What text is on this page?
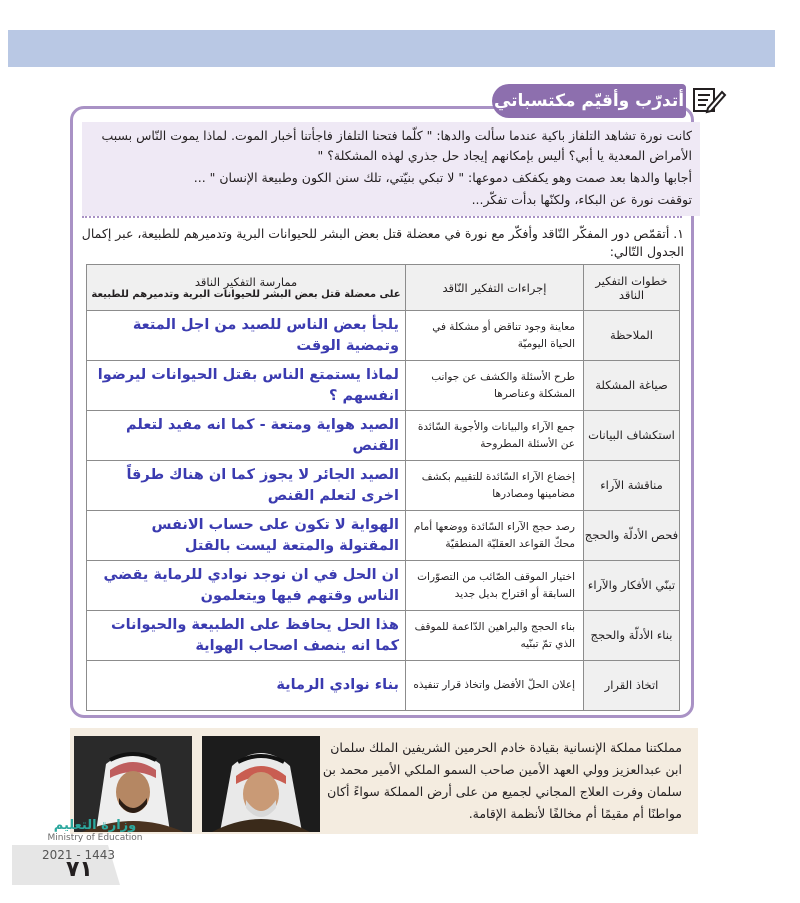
أتدرّب وأقيّم مكتسباتي

كانت نورة تشاهد التلفاز باكية عندما سألت والدها: " كلّما فتحنا التلفاز فاجأتنا أخبار الموت. لماذا يموت النّاس بسبب

الأمراض المعدية يا أبي؟ أليس بإمكانهم إيجاد حل جذري لهذه المشكلة؟ "

أجابها والدها بعد صمت وهو يكفكف دموعها: " لا تبكي بنيّتي، تلك سنن الكون وطبيعة الإنسان " ...

توقفت نورة عن البكاء، ولكنّها بدأت تفكّر...

١. أتقمّص دور المفكّر النّاقد وأفكّر مع نورة في معضلة قتل بعض البشر للحيوانات البرية وتدميرهم للطبيعة، عبر إكمال

الجدول التّالي:

خطوات التفكير الناقد	إجراءات التفكير النّاقد	ممارسة التفكير الناقد
على معضلة قتل بعض البشر للحيوانات البرية وتدميرهم للطبيعة

الملاحظة	معاينة وجود تناقض أو مشكلة في الحياة اليوميّة	يلجأ بعض الناس للصيد من اجل المتعة وتمضية الوقت
صياغة المشكلة	طرح الأسئلة والكشف عن جوانب المشكلة وعناصرها	لماذا يستمتع الناس بقتل الحيوانات ليرضوا انفسهم ؟
استكشاف البيانات	جمع الآراء والبيانات والأجوبة السّائدة عن الأسئلة المطروحة	الصيد هواية ومتعة - كما انه مفيد لتعلم القنص
مناقشة الآراء	إخضاع الآراء السّائدة للتقييم بكشف مضامينها ومصادرها	الصيد الجائر لا يجوز كما ان هناك طرقاً اخرى لتعلم القنص
فحص الأدلّة والحجج	رصد حجج الآراء السّائدة ووضعها أمام محكّ القواعد العقليّة المنطقيّة	الهواية لا تكون على حساب الانفس المقتولة والمتعة ليست بالقتل
تبنّي الأفكار والآراء	اختيار الموقف الصّائب من التصوّرات السابقة أو اقتراح بديل جديد	ان الحل في ان نوجد نوادي للرماية يقضي الناس وقتهم فيها ويتعلمون
بناء الأدلّة والحجج	بناء الحجج والبراهين الدّاعمة للموقف الذي تمّ تبنّيه	هذا الحل يحافظ على الطبيعة والحيوانات كما انه ينصف اصحاب الهواية
اتخاذ القرار	إعلان الحلّ الأفضل واتخاذ قرار تنفيذه	بناء نوادي الرماية

مملكتنا مملكة الإنسانية بقيادة خادم الحرمين الشريفين الملك سلمان

ابن عبدالعزيز وولي العهد الأمين صاحب السمو الملكي الأمير محمد بن

سلمان وفرت العلاج المجاني لجميع من على أرض المملكة سواءً أكان

مواطنًا أم مقيمًا أم مخالفًا لأنظمة الإقامة.

وزارة التعليم
Ministry of Education
2021 - 1443
٧١
